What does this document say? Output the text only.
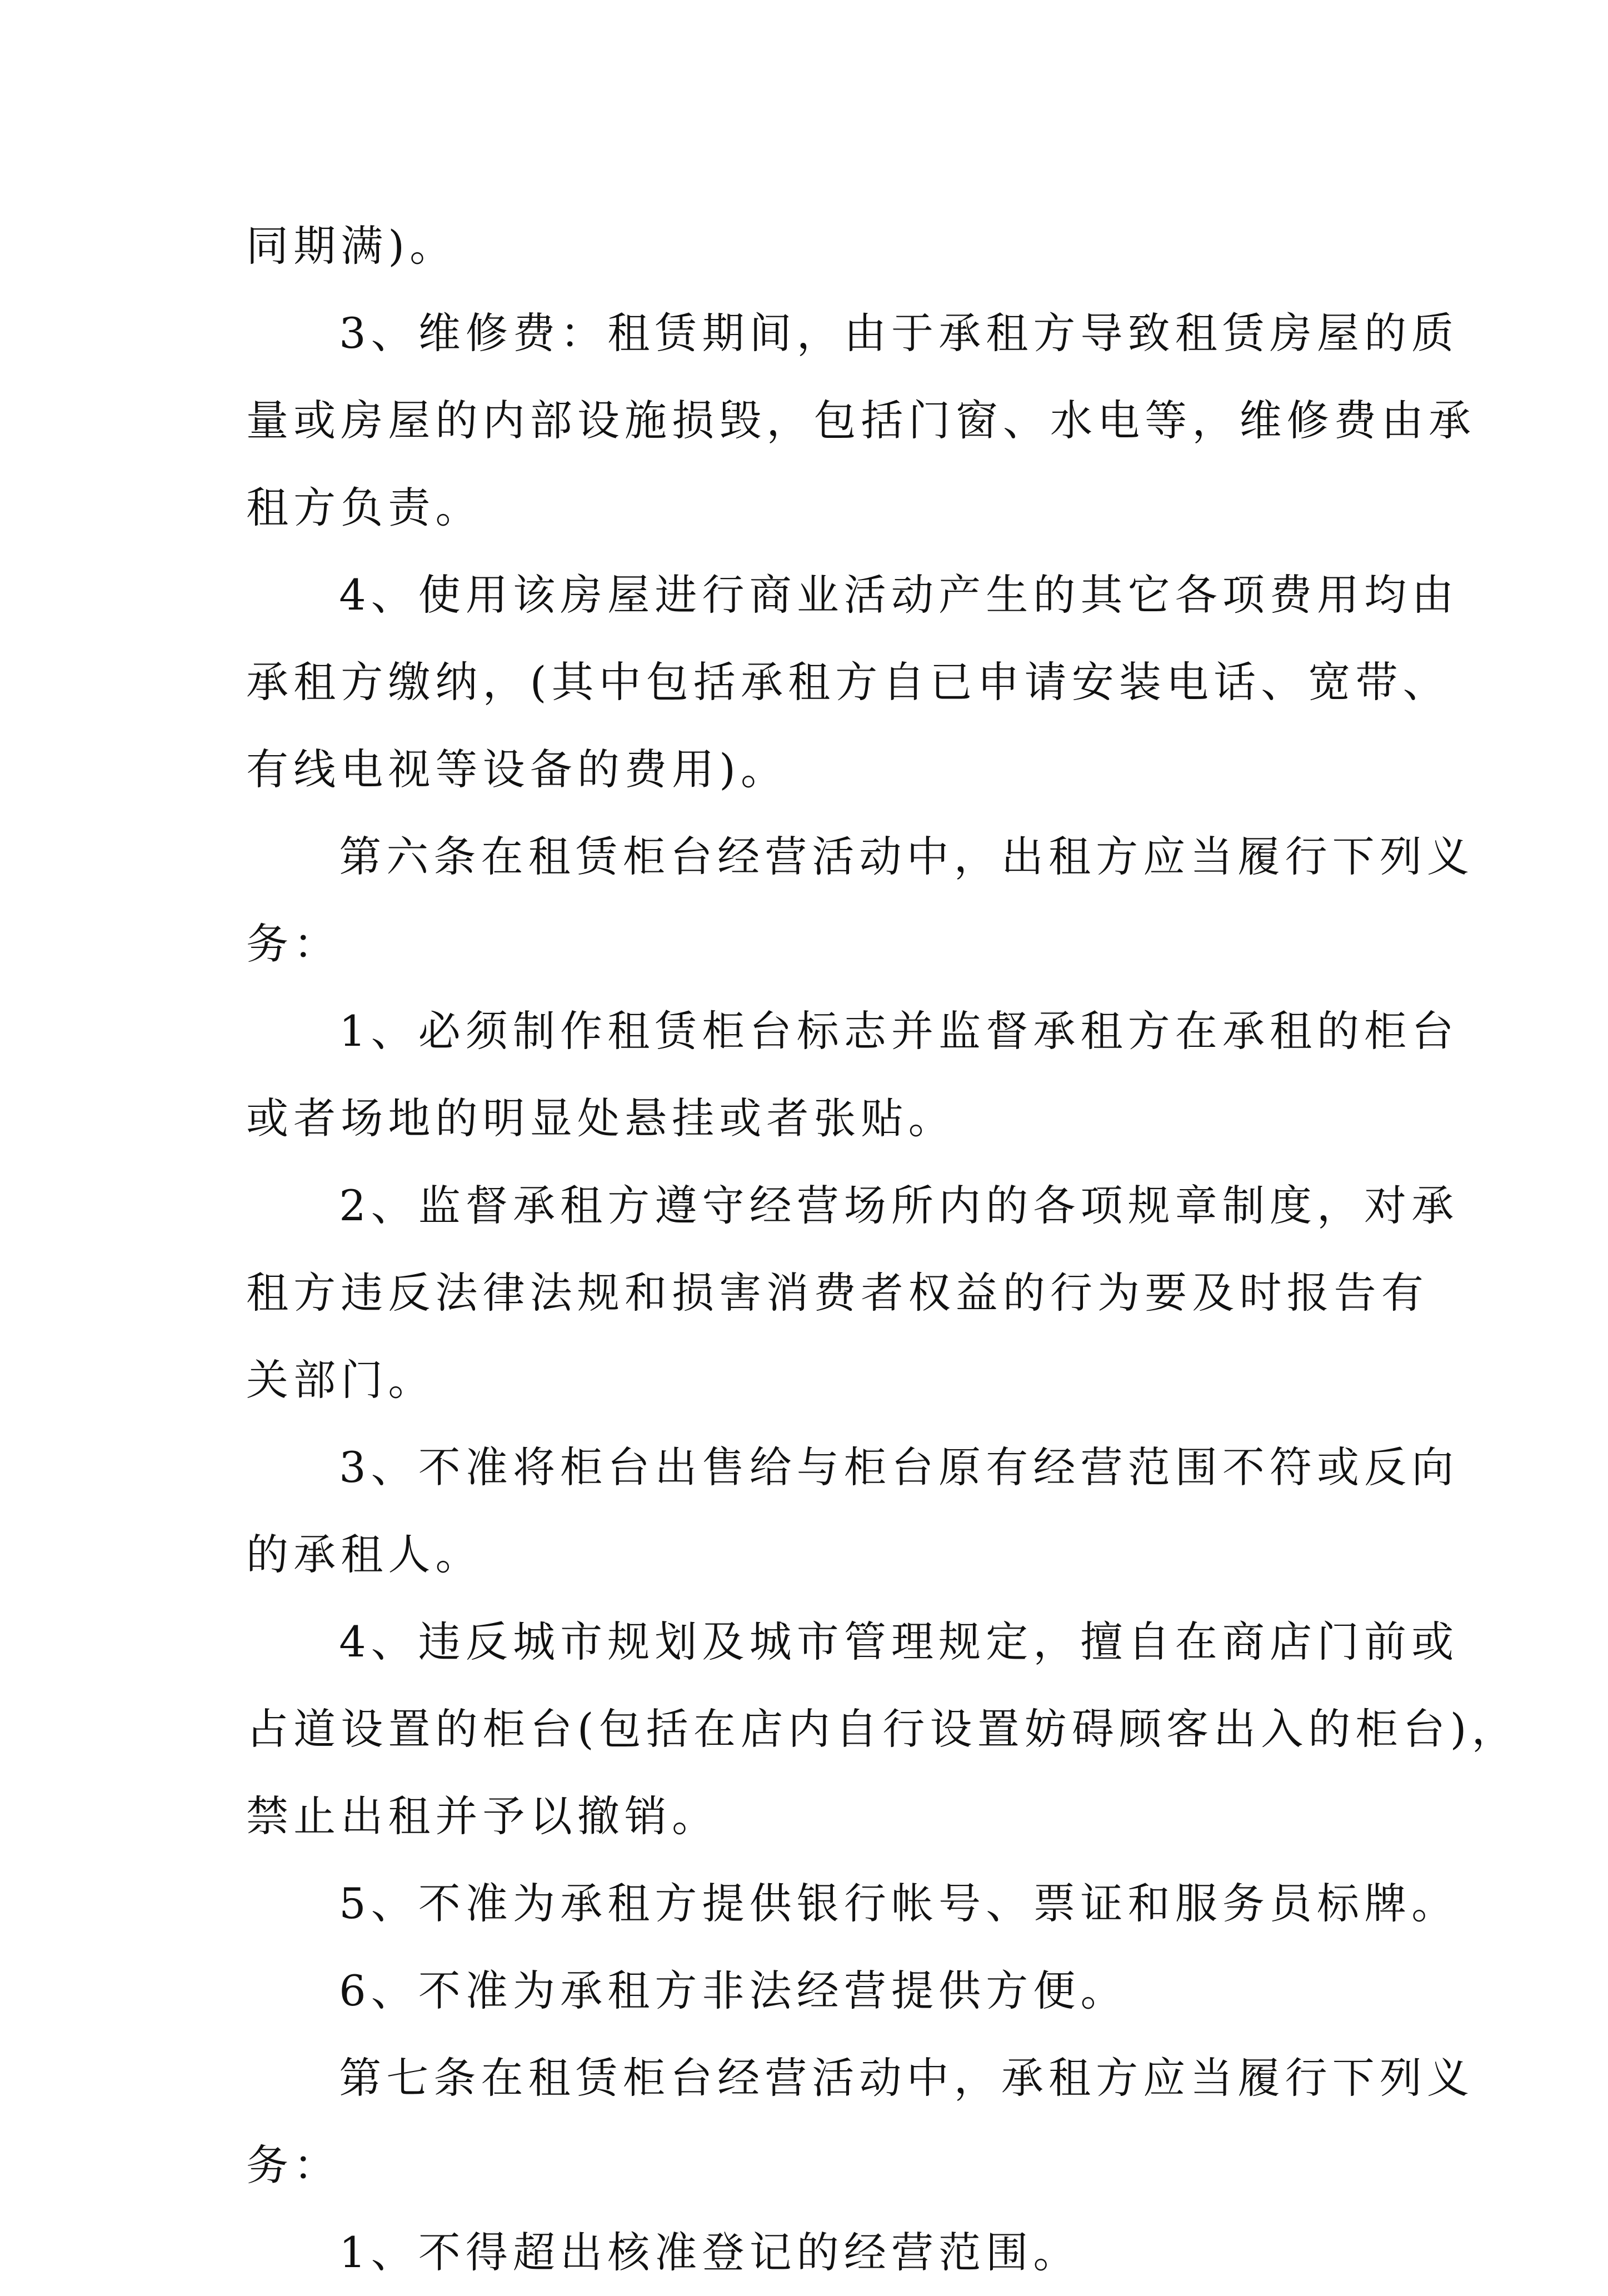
同期满)。

3、维修费：租赁期间，由于承租方导致租赁房屋的质
量或房屋的内部设施损毁，包括门窗、水电等，维修费由承
租方负责。

4、使用该房屋进行商业活动产生的其它各项费用均由
承租方缴纳，(其中包括承租方自已申请安装电话、宽带、
有线电视等设备的费用)。

第六条在租赁柜台经营活动中，出租方应当履行下列义
务：

1、必须制作租赁柜台标志并监督承租方在承租的柜台
或者场地的明显处悬挂或者张贴。

2、监督承租方遵守经营场所内的各项规章制度，对承
租方违反法律法规和损害消费者权益的行为要及时报告有
关部门。

3、不准将柜台出售给与柜台原有经营范围不符或反向
的承租人。

4、违反城市规划及城市管理规定，擅自在商店门前或
占道设置的柜台(包括在店内自行设置妨碍顾客出入的柜台)，
禁止出租并予以撤销。

5、不准为承租方提供银行帐号、票证和服务员标牌。

6、不准为承租方非法经营提供方便。

第七条在租赁柜台经营活动中，承租方应当履行下列义
务：

1、不得超出核准登记的经营范围。
